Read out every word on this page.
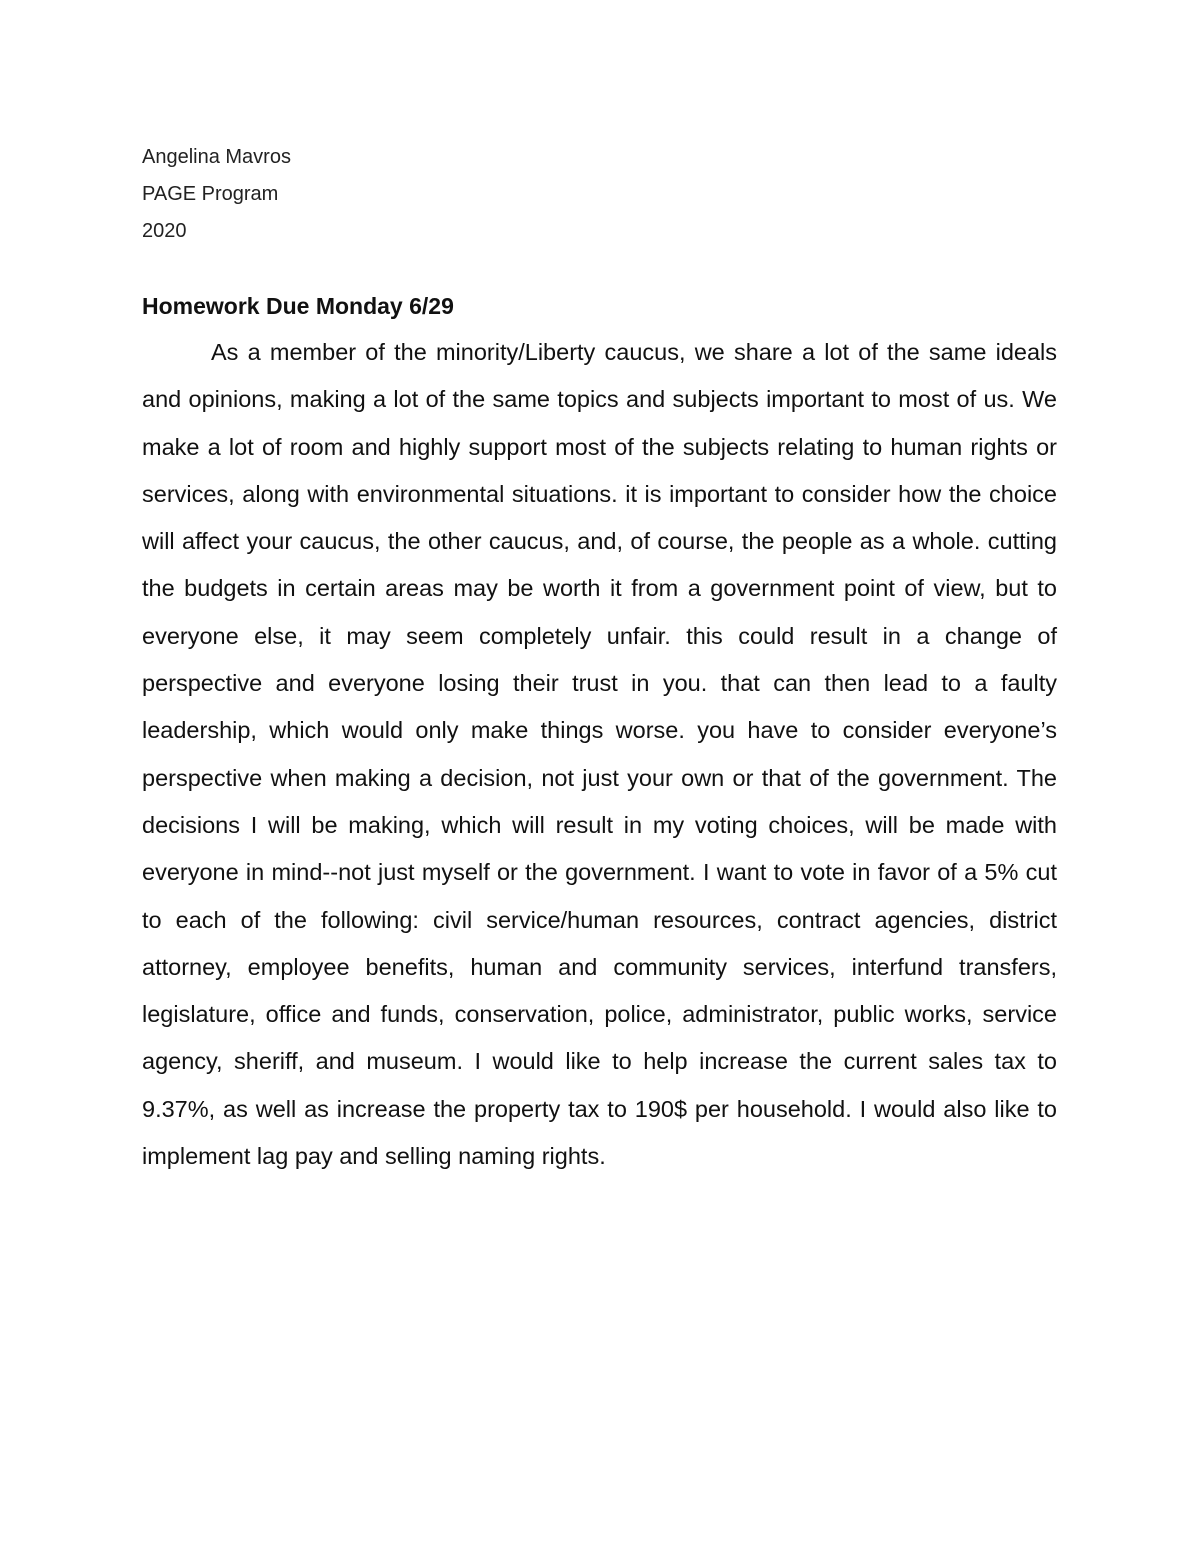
Angelina Mavros
PAGE Program
2020
Homework Due Monday 6/29

As a member of the minority/Liberty caucus, we share a lot of the same ideals and opinions, making a lot of the same topics and subjects important to most of us. We make a lot of room and highly support most of the subjects relating to human rights or services, along with environmental situations. it is important to consider how the choice will affect your caucus, the other caucus, and, of course, the people as a whole. cutting the budgets in certain areas may be worth it from a government point of view, but to everyone else, it may seem completely unfair. this could result in a change of perspective and everyone losing their trust in you. that can then lead to a faulty leadership, which would only make things worse. you have to consider everyone’s perspective when making a decision, not just your own or that of the government. The decisions I will be making, which will result in my voting choices, will be made with everyone in mind--not just myself or the government. I want to vote in favor of a 5% cut to each of the following: civil service/human resources, contract agencies, district attorney, employee benefits, human and community services, interfund transfers, legislature, office and funds, conservation, police, administrator, public works, service agency, sheriff, and museum. I would like to help increase the current sales tax to 9.37%, as well as increase the property tax to 190$ per household. I would also like to implement lag pay and selling naming rights.
